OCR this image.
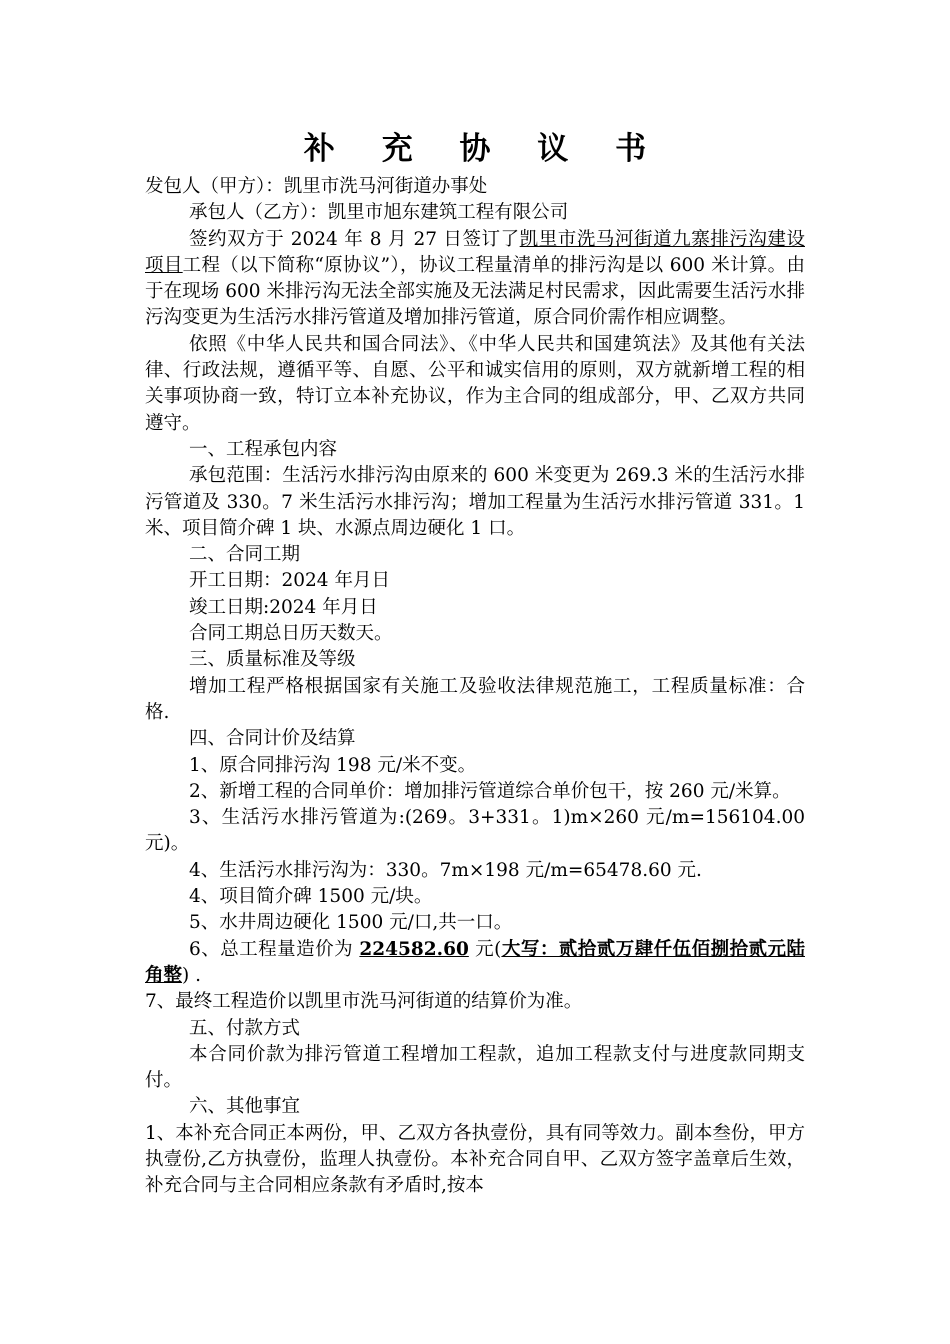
补 充 协 议 书

发包人（甲方）：凯里市洗马河街道办事处

承包人（乙方）：凯里市旭东建筑工程有限公司

签约双方于 2024 年 8 月 27 日签订了凯里市洗马河街道九寨排污沟建设项目工程（以下简称“原协议”），协议工程量清单的排污沟是以 600 米计算。由于在现场 600 米排污沟无法全部实施及无法满足村民需求，因此需要生活污水排污沟变更为生活污水排污管道及增加排污管道，原合同价需作相应调整。

依照《中华人民共和国合同法》、《中华人民共和国建筑法》及其他有关法律、行政法规，遵循平等、自愿、公平和诚实信用的原则，双方就新增工程的相关事项协商一致，特订立本补充协议，作为主合同的组成部分，甲、乙双方共同遵守。

一、工程承包内容

承包范围：生活污水排污沟由原来的 600 米变更为 269.3 米的生活污水排污管道及 330。7 米生活污水排污沟；增加工程量为生活污水排污管道 331。1 米、项目简介碑 1 块、水源点周边硬化 1 口。

二、合同工期

开工日期：2024 年月日

竣工日期:2024 年月日

合同工期总日历天数天。

三、质量标准及等级

增加工程严格根据国家有关施工及验收法律规范施工，工程质量标准：合格.

四、合同计价及结算

1、原合同排污沟 198 元/米不变。

2、新增工程的合同单价：增加排污管道综合单价包干，按 260 元/米算。

3、生活污水排污管道为:(269。3+331。1)m×260 元/m=156104.00 元)。

4、生活污水排污沟为：330。7m×198 元/m=65478.60 元.

4、项目简介碑 1500 元/块。

5、水井周边硬化 1500 元/口,共一口。

6、总工程量造价为 224582.60 元(大写：贰拾贰万肆仟伍佰捌拾贰元陆角整) .

7、最终工程造价以凯里市洗马河街道的结算价为准。

五、付款方式

本合同价款为排污管道工程增加工程款，追加工程款支付与进度款同期支付。

六、其他事宜

1、本补充合同正本两份，甲、乙双方各执壹份，具有同等效力。副本叁份，甲方执壹份,乙方执壹份，监理人执壹份。本补充合同自甲、乙双方签字盖章后生效，补充合同与主合同相应条款有矛盾时,按本
